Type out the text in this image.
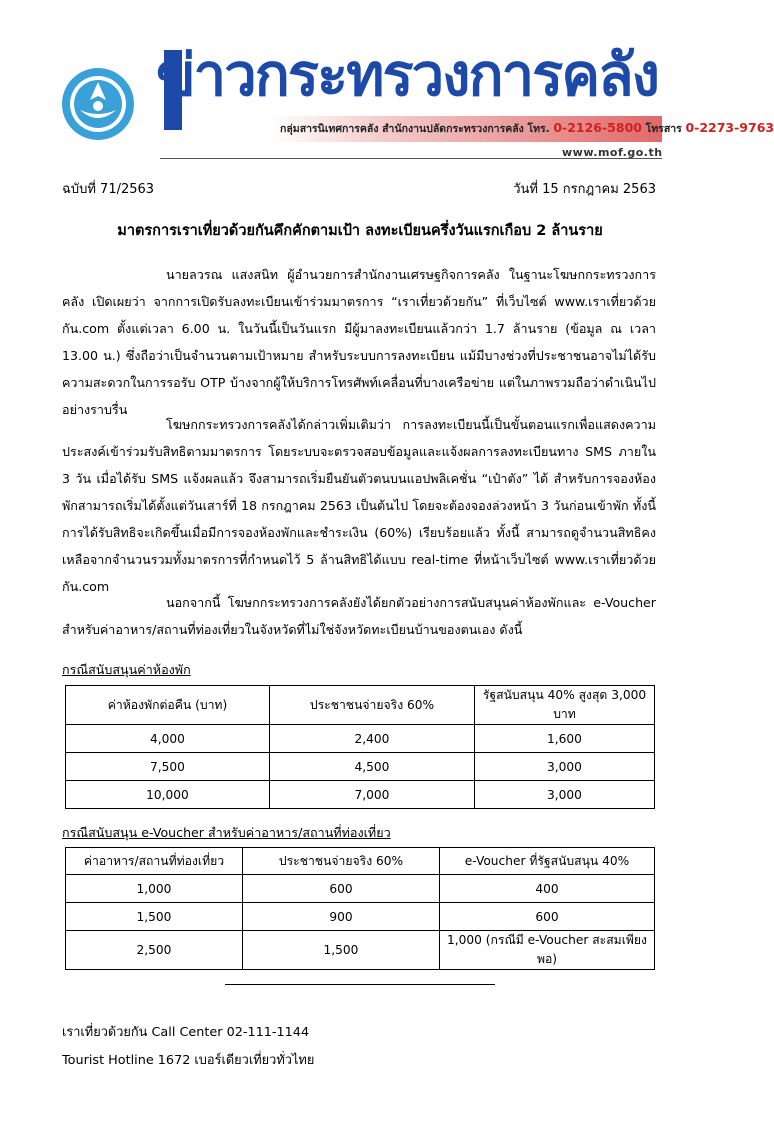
ข่าวกระทรวงการคลัง
กลุ่มสารนิเทศการคลัง สำนักงานปลัดกระทรวงการคลัง โทร. 0-2126-5800 โทรสาร 0-2273-9763
www.mof.go.th
ฉบับที่ 71/2563	วันที่ 15 กรกฎาคม 2563
มาตรการเราเที่ยวด้วยกันคึกคักตามเป้า ลงทะเบียนครึ่งวันแรกเกือบ 2 ล้านราย
นายลวรณ แสงสนิท ผู้อำนวยการสำนักงานเศรษฐกิจการคลัง ในฐานะโฆษกกระทรวงการคลัง เปิดเผยว่า จากการเปิดรับลงทะเบียนเข้าร่วมมาตรการ “เราเที่ยวด้วยกัน” ที่เว็บไซต์ www.เราเที่ยวด้วยกัน.com ตั้งแต่เวลา 6.00 น. ในวันนี้เป็นวันแรก มีผู้มาลงทะเบียนแล้วกว่า 1.7 ล้านราย (ข้อมูล ณ เวลา 13.00 น.) ซึ่งถือว่าเป็นจำนวนตามเป้าหมาย สำหรับระบบการลงทะเบียน แม้มีบางช่วงที่ประชาชนอาจไม่ได้รับความสะดวกในการรอรับ OTP บ้างจากผู้ให้บริการโทรศัพท์เคลื่อนที่บางเครือข่าย แต่ในภาพรวมถือว่าดำเนินไปอย่างราบรื่น
โฆษกกระทรวงการคลังได้กล่าวเพิ่มเติมว่า การลงทะเบียนนี้เป็นขั้นตอนแรกเพื่อแสดงความประสงค์เข้าร่วมรับสิทธิตามมาตรการ โดยระบบจะตรวจสอบข้อมูลและแจ้งผลการลงทะเบียนทาง SMS ภายใน 3 วัน เมื่อได้รับ SMS แจ้งผลแล้ว จึงสามารถเริ่มยืนยันตัวตนบนแอปพลิเคชั่น “เป๋าตัง” ได้ สำหรับการจองห้องพักสามารถเริ่มได้ตั้งแต่วันเสาร์ที่ 18 กรกฎาคม 2563 เป็นต้นไป โดยจะต้องจองล่วงหน้า 3 วันก่อนเข้าพัก ทั้งนี้ การได้รับสิทธิจะเกิดขึ้นเมื่อมีการจองห้องพักและชำระเงิน (60%) เรียบร้อยแล้ว ทั้งนี้ สามารถดูจำนวนสิทธิคงเหลือจากจำนวนรวมทั้งมาตรการที่กำหนดไว้ 5 ล้านสิทธิได้แบบ real-time ที่หน้าเว็บไซต์ www.เราเที่ยวด้วยกัน.com
นอกจากนี้ โฆษกกระทรวงการคลังยังได้ยกตัวอย่างการสนับสนุนค่าห้องพักและ e-Voucher สำหรับค่าอาหาร/สถานที่ท่องเที่ยวในจังหวัดที่ไม่ใช่จังหวัดทะเบียนบ้านของตนเอง ดังนี้
กรณีสนับสนุนค่าห้องพัก
ค่าห้องพักต่อคืน (บาท)	ประชาชนจ่ายจริง 60%	รัฐสนับสนุน 40% สูงสุด 3,000 บาท
4,000	2,400	1,600
7,500	4,500	3,000
10,000	7,000	3,000
กรณีสนับสนุน e-Voucher สำหรับค่าอาหาร/สถานที่ท่องเที่ยว
ค่าอาหาร/สถานที่ท่องเที่ยว	ประชาชนจ่ายจริง 60%	e-Voucher ที่รัฐสนับสนุน 40%
1,000	600	400
1,500	900	600
2,500	1,500	1,000 (กรณีมี e-Voucher สะสมเพียงพอ)
เราเที่ยวด้วยกัน Call Center 02-111-1144
Tourist Hotline 1672 เบอร์เดียวเที่ยวทั่วไทย
